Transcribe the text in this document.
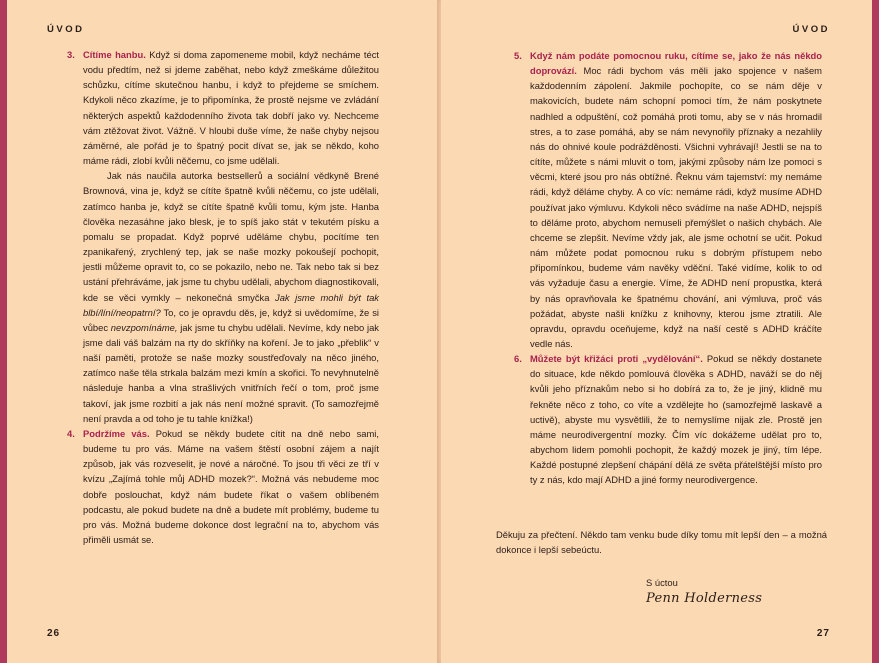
ÚVOD

3. Cítíme hanbu. Když si doma zapomeneme mobil, když necháme téct vodu předtím, než si jdeme zaběhat, nebo když zmeškáme důležitou schůzku, cítíme skutečnou hanbu, i když to přejdeme se smíchem. Kdykoli něco zkazíme, je to připomínka, že prostě nejsme ve zvládání některých aspektů každodenního života tak dobří jako vy. Nechceme vám ztěžovat život. Vážně. V hloubi duše víme, že naše chyby nejsou záměrné, ale pořád je to špatný pocit dívat se, jak se někdo, koho máme rádi, zlobí kvůli něčemu, co jsme udělali.

Jak nás naučila autorka bestsellerů a sociální vědkyně Brené Brownová, vina je, když se cítíte špatně kvůli něčemu, co jste udělali, zatímco hanba je, když se cítíte špatně kvůli tomu, kým jste. Hanba člověka nezasáhne jako blesk, je to spíš jako stát v tekutém písku a pomalu se propadat. Když poprvé uděláme chybu, pocítíme ten zpanikařený, zrychlený tep, jak se naše mozky pokoušejí pochopit, jestli můžeme opravit to, co se pokazilo, nebo ne. Tak nebo tak si bez ustání přehráváme, jak jsme tu chybu udělali, abychom diagnostikovali, kde se věci vymkly – nekonečná smyčka Jak jsme mohli být tak blbí/líní/neopatrní? To, co je opravdu děs, je, když si uvědomíme, že si vůbec nevzpomínáme, jak jsme tu chybu udělali. Nevíme, kdy nebo jak jsme dali váš balzám na rty do skříňky na koření. Je to jako „přeblik“ v naší paměti, protože se naše mozky soustřeďovaly na něco jiného, zatímco naše těla strkala balzám mezi kmín a skořici. To nevyhnutelně následuje hanba a vlna strašlivých vnitřních řečí o tom, proč jsme takoví, jak jsme rozbití a jak nás není možné spravit. (To samozřejmě není pravda a od toho je tu tahle knížka!)

4. Podržíme vás. Pokud se někdy budete cítit na dně nebo sami, budeme tu pro vás. Máme na vašem štěstí osobní zájem a najít způsob, jak vás rozveselit, je nové a náročné. To jsou tři věci ze tří v kvízu „Zajímá tohle můj ADHD mozek?“. Možná vás nebudeme moc dobře poslouchat, když nám budete říkat o vašem oblíbeném podcastu, ale pokud budete na dně a budete mít problémy, budeme tu pro vás. Možná budeme dokonce dost legrační na to, abychom vás přiměli usmát se.

26
ÚVOD

5. Když nám podáte pomocnou ruku, cítíme se, jako že nás někdo doprovází. Moc rádi bychom vás měli jako spojence v našem každodenním zápolení. Jakmile pochopíte, co se nám děje v makovicích, budete nám schopní pomoci tím, že nám poskytnete nadhled a odpuštění, což pomáhá proti tomu, aby se v nás hromadil stres, a to zase pomáhá, aby se nám nevynořily příznaky a nezahlily nás do ohnivé koule podrážděnosti. Všichni vyhrávají! Jestli se na to cítíte, můžete s námi mluvit o tom, jakými způsoby nám lze pomoci s věcmi, které jsou pro nás obtížné. Řeknu vám tajemství: my nemáme rádi, když děláme chyby. A co víc: nemáme rádi, když musíme ADHD používat jako výmluvu. Kdykoli něco svádíme na naše ADHD, nejspíš to děláme proto, abychom nemuseli přemýšlet o našich chybách. Ale chceme se zlepšit. Nevíme vždy jak, ale jsme ochotní se učit. Pokud nám můžete podat pomocnou ruku s dobrým přístupem nebo připomínkou, budeme vám navěky vděční. Také vidíme, kolik to od vás vyžaduje času a energie. Víme, že ADHD není propustka, která by nás opravňovala ke špatnému chování, ani výmluva, proč vás požádat, abyste našli knížku z knihovny, kterou jsme ztratili. Ale opravdu, opravdu oceňujeme, když na naší cestě s ADHD kráčíte vedle nás.

6. Můžete být křižáci proti „vydělování“. Pokud se někdy dostanete do situace, kde někdo pomlouvá člověka s ADHD, naváží se do něj kvůli jeho příznakům nebo si ho dobírá za to, že je jiný, klidně mu řekněte něco z toho, co víte a vzdělejte ho (samozřejmě laskavě a uctivě), abyste mu vysvětlili, že to nemyslíme nijak zle. Prostě jen máme neurodivergentní mozky. Čím víc dokážeme udělat pro to, abychom lidem pomohli pochopit, že každý mozek je jiný, tím lépe. Každé postupné zlepšení chápání dělá ze světa přátelštější místo pro ty z nás, kdo mají ADHD a jiné formy neurodivergence.

Děkuju za přečtení. Někdo tam venku bude díky tomu mít lepší den – a možná dokonce i lepší sebeúctu.

S úctou
Penn Holderness
27
